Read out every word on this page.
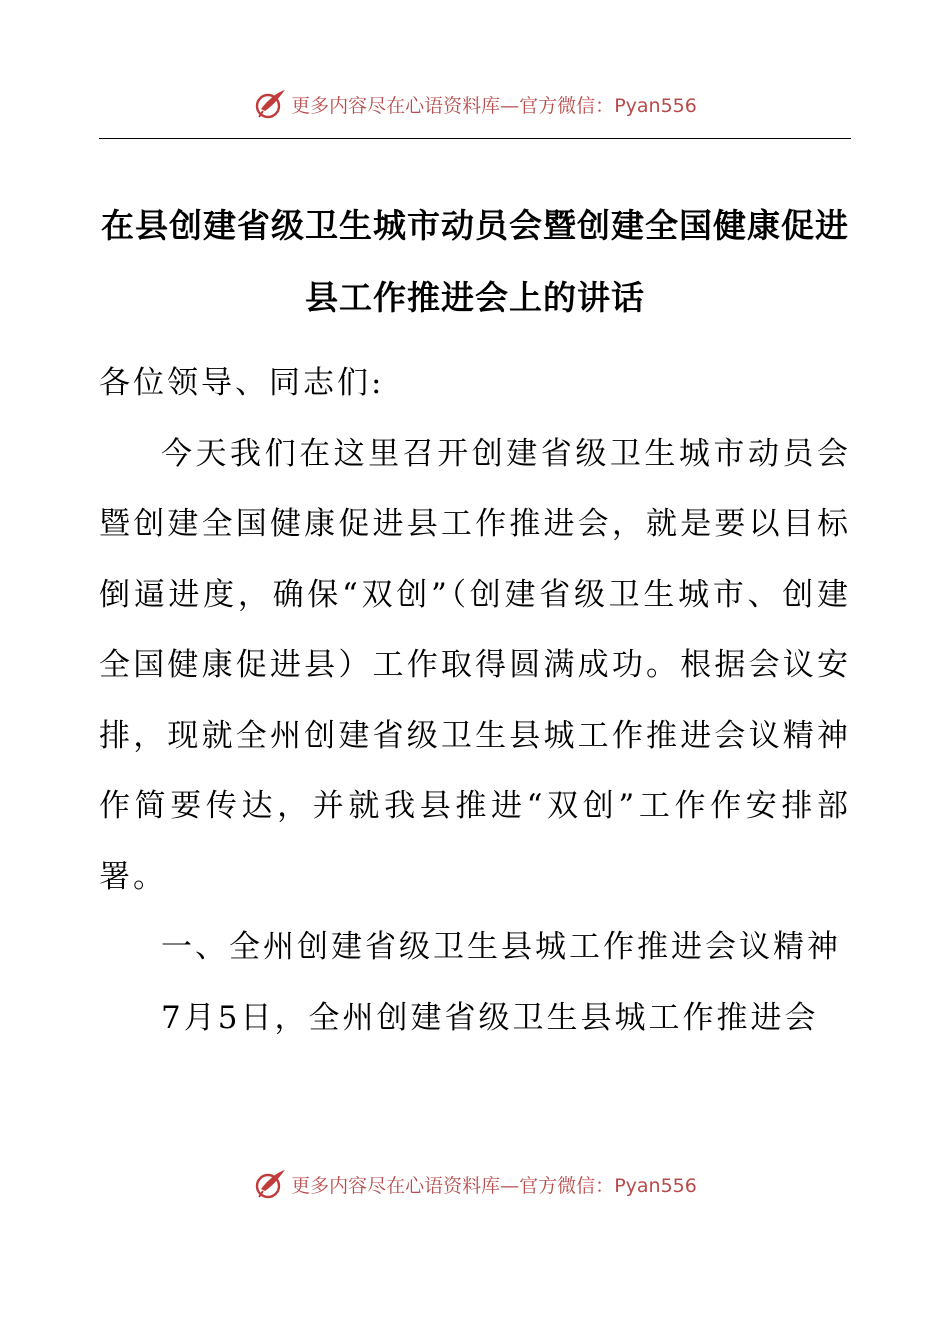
更多内容尽在心语资料库—官方微信：Pyan556
在县创建省级卫生城市动员会暨创建全国健康促进县工作推进会上的讲话

各位领导、同志们:

今天我们在这里召开创建省级卫生城市动员会暨创建全国健康促进县工作推进会，就是要以目标倒逼进度，确保“双创”（创建省级卫生城市、创建全国健康促进县）工作取得圆满成功。根据会议安排，现就全州创建省级卫生县城工作推进会议精神作简要传达，并就我县推进“双创”工作作安排部署。

一、全州创建省级卫生县城工作推进会议精神

7月5日，全州创建省级卫生县城工作推进会

更多内容尽在心语资料库—官方微信：Pyan556
